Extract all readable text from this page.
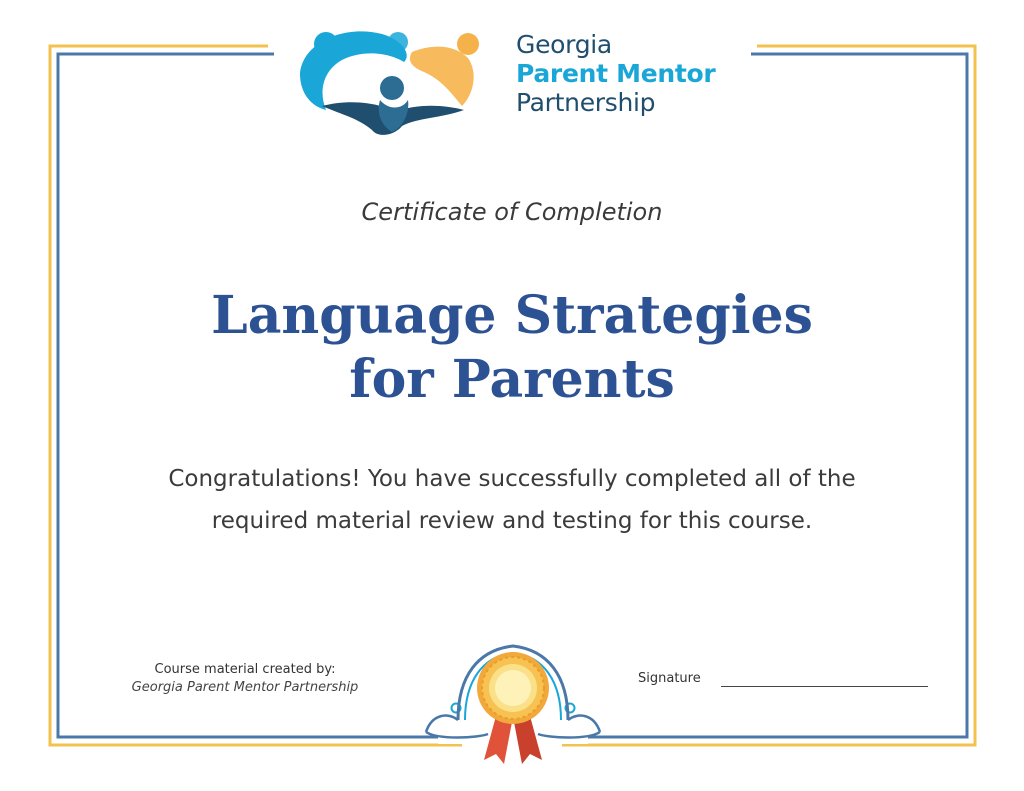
Georgia
Parent Mentor
Partnership
Certificate of Completion
Language Strategies
for Parents
Congratulations! You have successfully completed all of the
required material review and testing for this course.
Course material created by:
Georgia Parent Mentor Partnership
Signature
